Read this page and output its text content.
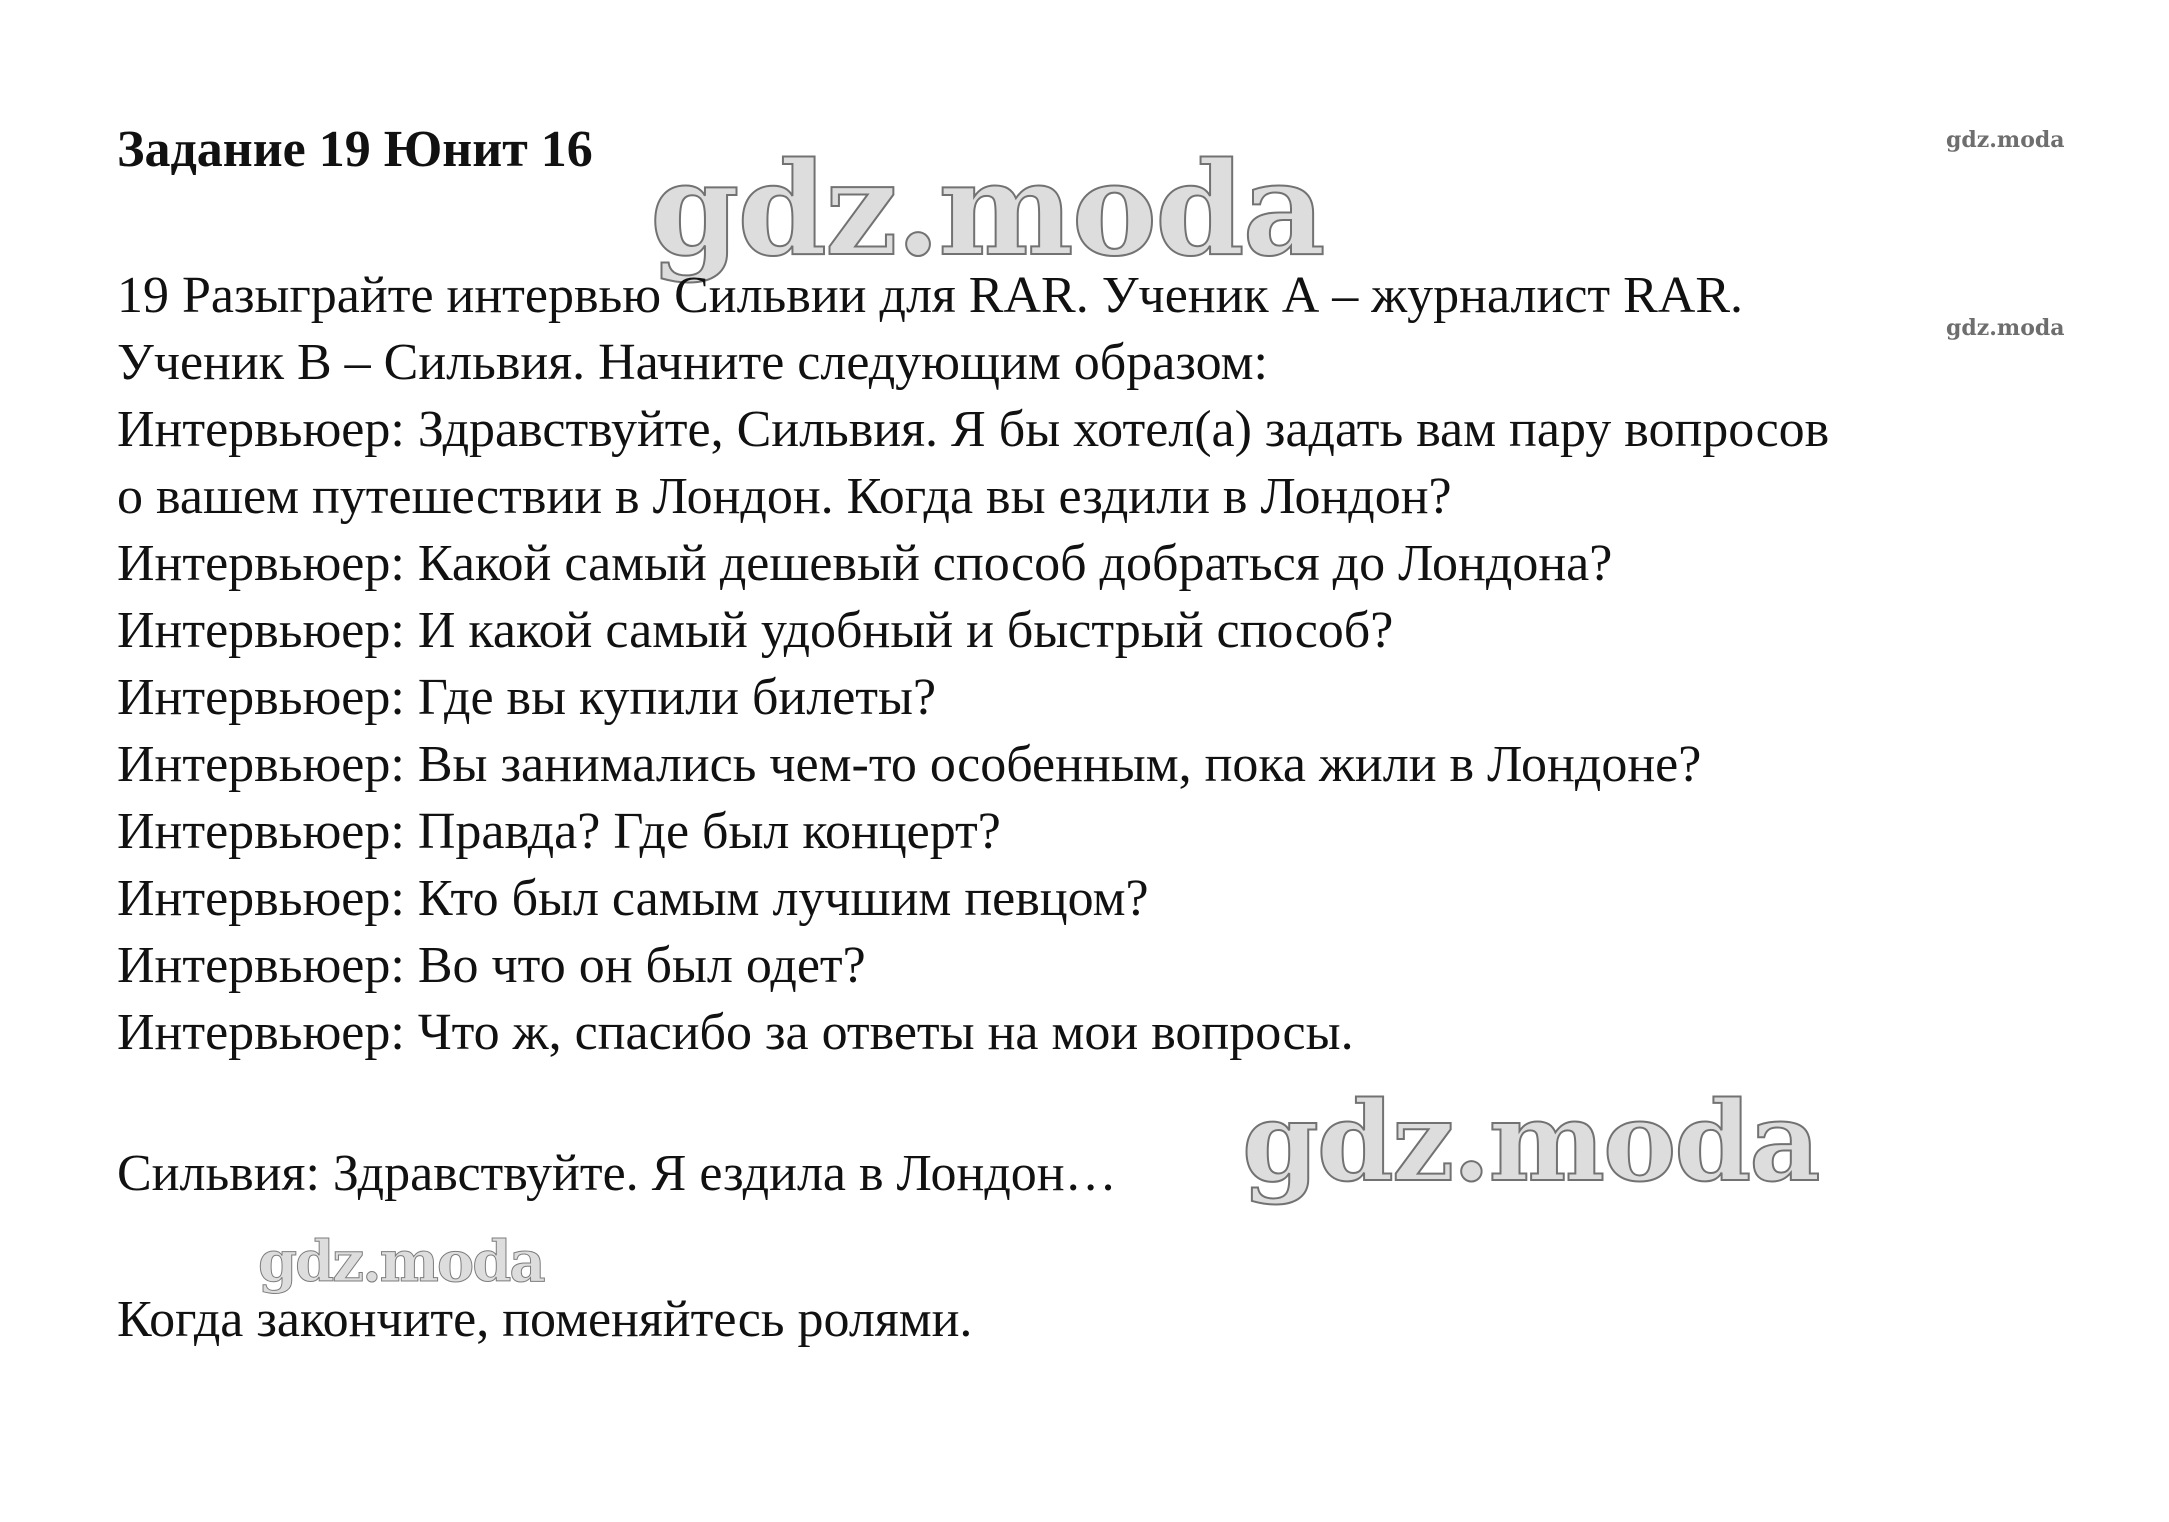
Задание 19 Юнит 16 gdz.moda	gdz.moda

19 Разыграйте интервью Сильвии для RAR. Ученик А – журналист RAR.

Ученик В – Сильвия. Начните следующим образом:

gdz.moda
Интервьюер: Здравствуйте, Сильвия. Я бы хотел(а) задать вам пару вопросов
о вашем путешествии в Лондон. Когда вы ездили в Лондон?
Интервьюер: Какой самый дешевый способ добраться до Лондона?
Интервьюер: И какой самый удобный и быстрый способ?
Интервьюер: Где вы купили билеты?
Интервьюер: Вы занимались чем-то особенным, пока жили в Лондоне?
Интервьюер: Правда? Где был концерт?
Интервьюер: Кто был самым лучшим певцом?
Интервьюер: Во что он был одет?
Интервьюер: Что ж, спасибо за ответы на мои вопросы.
Сильвия: Здравствуйте. Я ездила в Лондон…	gdz.moda
gdz.moda
Когда закончите, поменяйтесь ролями.
